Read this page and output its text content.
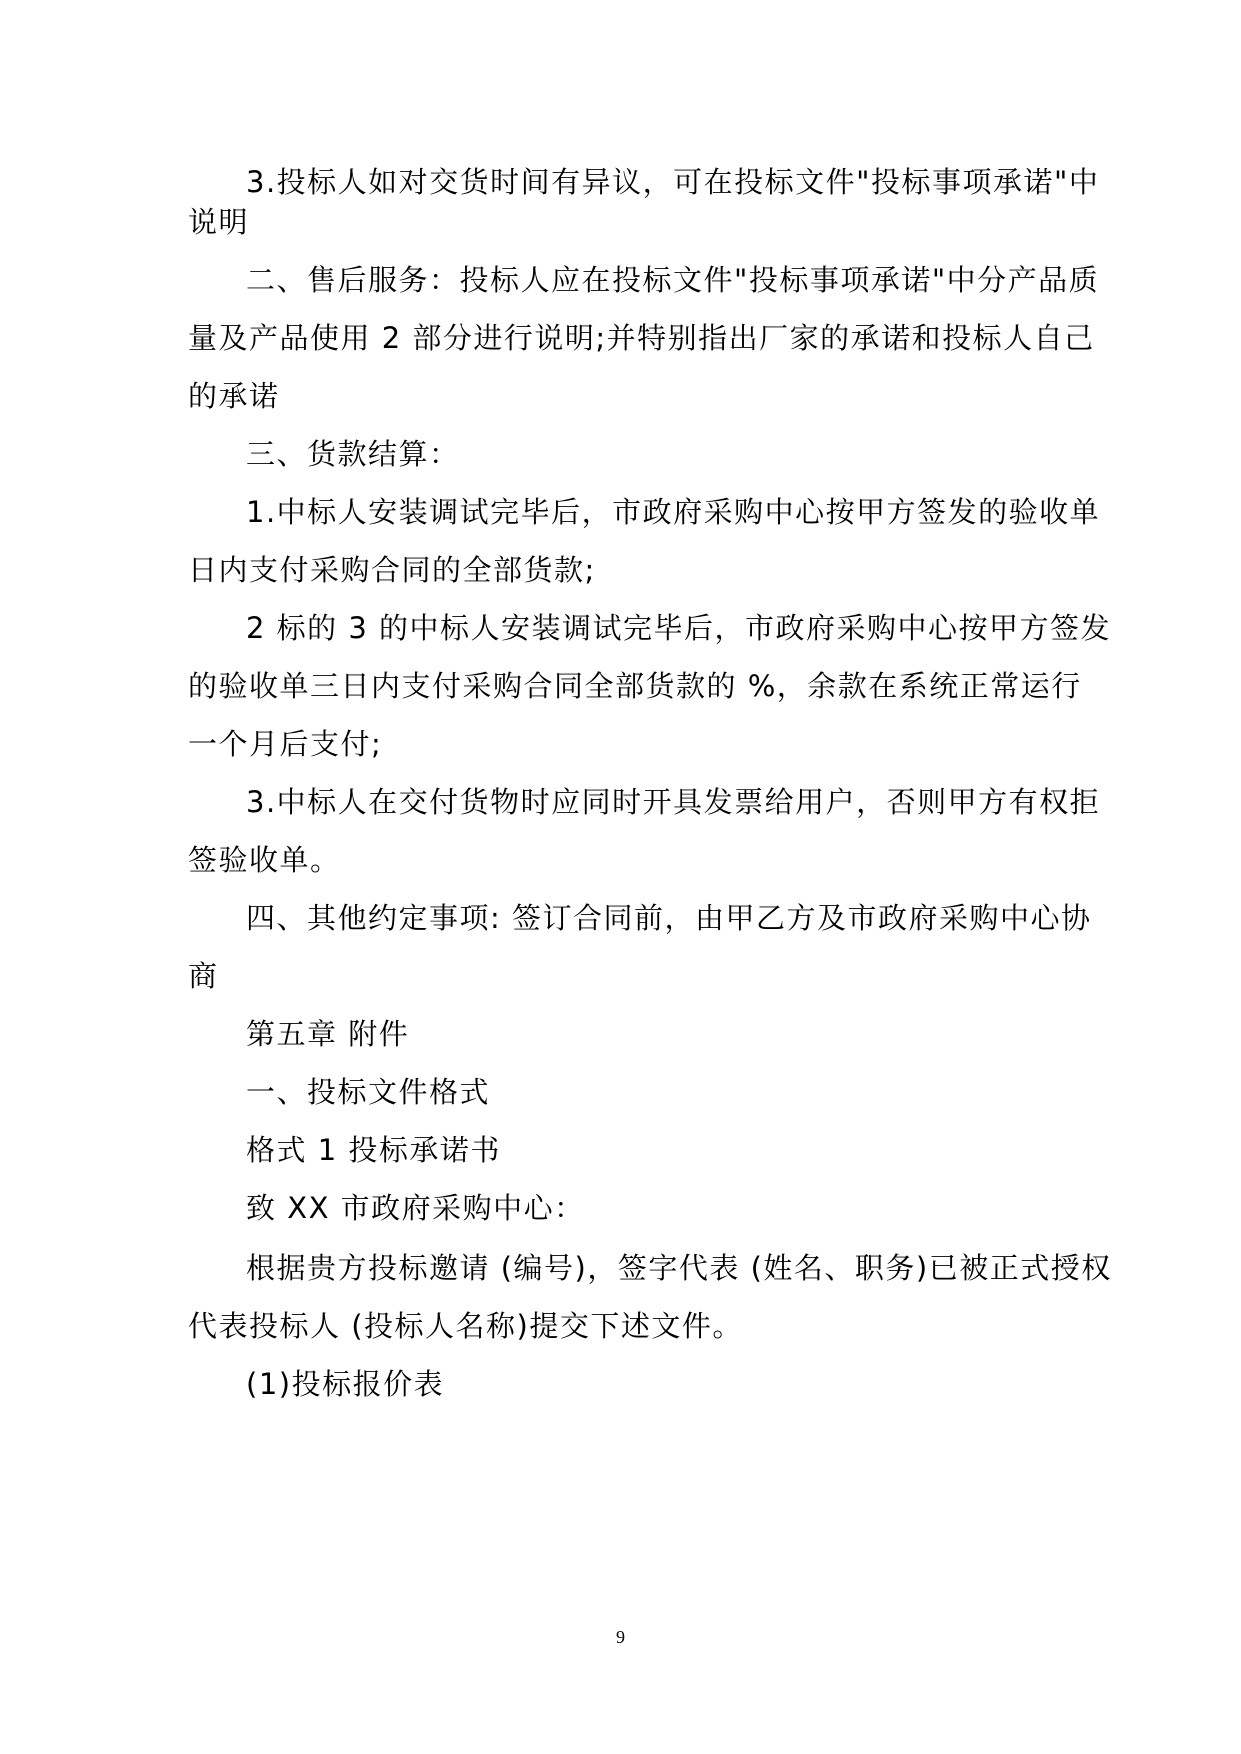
3.投标人如对交货时间有异议，可在投标文件"投标事项承诺"中
说明
二、售后服务：投标人应在投标文件"投标事项承诺"中分产品质
量及产品使用 2 部分进行说明;并特别指出厂家的承诺和投标人自己
的承诺
三、货款结算：
1.中标人安装调试完毕后，市政府采购中心按甲方签发的验收单
日内支付采购合同的全部货款;
2 标的 3 的中标人安装调试完毕后，市政府采购中心按甲方签发
的验收单三日内支付采购合同全部货款的 %，余款在系统正常运行
一个月后支付;
3.中标人在交付货物时应同时开具发票给用户，否则甲方有权拒
签验收单。
四、其他约定事项: 签订合同前，由甲乙方及市政府采购中心协
商
第五章 附件
一、投标文件格式
格式 1 投标承诺书
致 XX 市政府采购中心：
根据贵方投标邀请 (编号)，签字代表 (姓名、职务)已被正式授权
代表投标人 (投标人名称)提交下述文件。
(1)投标报价表
9
